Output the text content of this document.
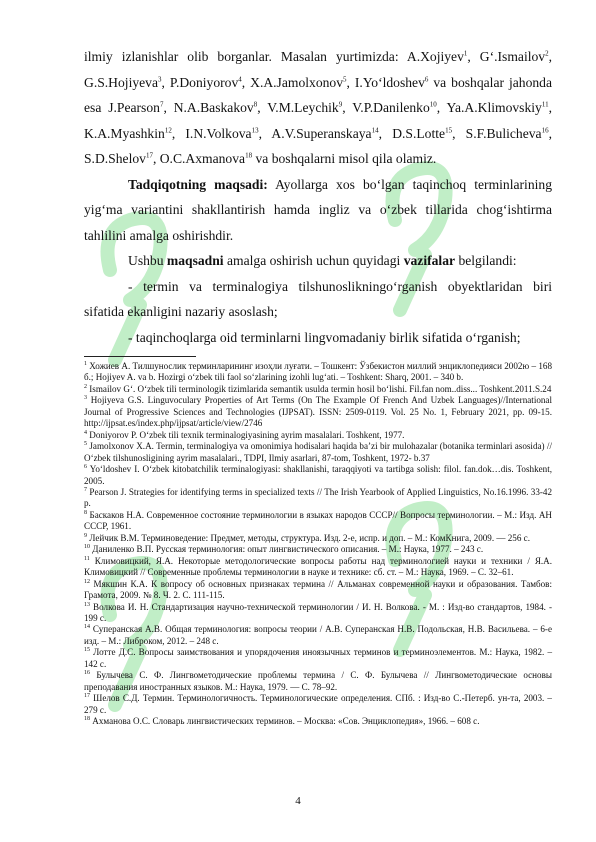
ilmiy izlanishlar olib borganlar. Masalan yurtimizda: A.Xojiyev$^1$, G‘.Ismailov$^2$, G.S.Hojiyeva$^3$, P.Doniyorov$^4$, X.A.Jamolxonov$^5$, I.Yo‘ldoshev$^6$ va boshqalar jahonda esa J.Pearson$^7$, N.A.Baskakov$^8$, V.M.Leychik$^9$, V.P.Danilenko$^{10}$, Ya.A.Klimovskiy$^{11}$, K.A.Myashkin$^{12}$, I.N.Volkova$^{13}$, A.V.Superanskaya$^{14}$, D.S.Lotte$^{15}$, S.F.Bulicheva$^{16}$, S.D.Shelov$^{17}$, O.C.Axmanova$^{18}$ va boshqalarni misol qila olamiz.

Tadqiqotning maqsadi: Ayollarga xos bo‘lgan taqinchoq terminlarining yig‘ma variantini shakllantirish hamda ingliz va o‘zbek tillarida chog‘ishtirma tahlilini amalga oshirishdir.

Ushbu maqsadni amalga oshirish uchun quyidagi vazifalar belgilandi:

- termin va terminalogiya tilshunoslikningo‘rganish obyektlaridan biri sifatida ekanligini nazariy asoslash;

- taqinchoqlarga oid terminlarni lingvomadaniy birlik sifatida o‘rganish;

$^1$ Хожиев А. Тилшунослик терминларининг изоҳли луғати. – Тошкент: Ўзбекистон миллий энциклопедияси 2002ю – 168 б.; Hojiyev A. va b. Hozirgi o‘zbek tili faol so‘zlarining izohli lug‘ati. – Toshkent: Sharq, 2001. – 340 b.

$^2$ Ismailov G‘. O‘zbek tili terminologik tizimlarida semantik usulda termin hosil bo‘lishi. Fil.fan nom..diss... Toshkent.2011.S.24

$^3$ Hojiyeva G.S. Linguvoculary Properties of Art Terms (On The Example Of French And Uzbek Languages)//International Journal of Progressive Sciences and Technologies (IJPSAT). ISSN: 2509-0119. Vol. 25 No. 1, February 2021, pp. 09-15. http://ijpsat.es/index.php/ijpsat/article/view/2746

$^4$ Doniyorov P. O‘zbek tili texnik terminalogiyasining ayrim masalalari. Toshkent, 1977.

$^5$ Jamolxonov X.A. Termin, terminalogiya va omonimiya hodisalari haqida ba’zi bir mulohazalar (botanika terminlari asosida) // O‘zbek tilshunosligining ayrim masalalari., TDPI, Ilmiy asarlari, 87-tom, Toshkent, 1972- b.37

$^6$ Yo‘ldoshev I. O‘zbek kitobatchilik terminalogiyasi: shakllanishi, taraqqiyoti va tartibga solish: filol. fan.dok…dis. Toshkent, 2005.

$^7$ Pearson J. Strategies for identifying terms in specialized texts // The Irish Yearbook of Applied Linguistics, No.16.1996. 33-42 p.

$^8$ Баскаков Н.А. Современное состояние терминологии в языках народов СССР// Вопросы терминологии. – М.: Изд. АН СССР, 1961.

$^9$ Лейчик В.М. Терминоведение: Предмет, методы, структура. Изд. 2-е, испр. и доп. – М.: КомКнига, 2009. — 256 с.

$^{10}$ Даниленко В.П. Русская терминология: опыт лингвистического описания. – М.: Наука, 1977. – 243 с.

$^{11}$ Климовицкий, Я.А. Некоторые методологические вопросы работы над терминологией науки и техники / Я.А. Климовицкий // Современные проблемы терминологии в науке и технике: сб. ст. – М.: Наука, 1969. – С. 32–61.

$^{12}$ Мякшин К.А. К вопросу об основных признаках термина // Альманах современной науки и образования. Тамбов: Грамота, 2009. № 8. Ч. 2. C. 111-115.

$^{13}$ Волкова И. Н. Стандартизация научно-технической терминологии / И. Н. Волкова. - М. : Изд-во стандартов, 1984. - 199 с.

$^{14}$ Суперанская А.В. Общая терминология: вопросы теории / А.В. Суперанская Н.В. Подольская, Н.В. Васильева. – 6-е изд. – М.: Либроком, 2012. – 248 с.

$^{15}$ Лотте Д.С. Вопросы заимствования и упорядочения иноязычных терминов и терминоэлементов. М.: Наука, 1982. – 142 с.

$^{16}$ Булычева С. Ф. Лингвометодические проблемы термина / С. Ф. Булычева // Лингвометодические основы преподавания иностранных языков. М.: Наука, 1979. — С. 78–92.

$^{17}$ Шелов С.Д. Термин. Терминологичность. Терминологические определения. СПб. : Изд-во С.-Петерб. ун-та, 2003. – 279 с.

$^{18}$ Ахманова О.С. Словарь лингвистических терминов. – Москва: «Сов. Энциклопедия», 1966. – 608 с.

4
